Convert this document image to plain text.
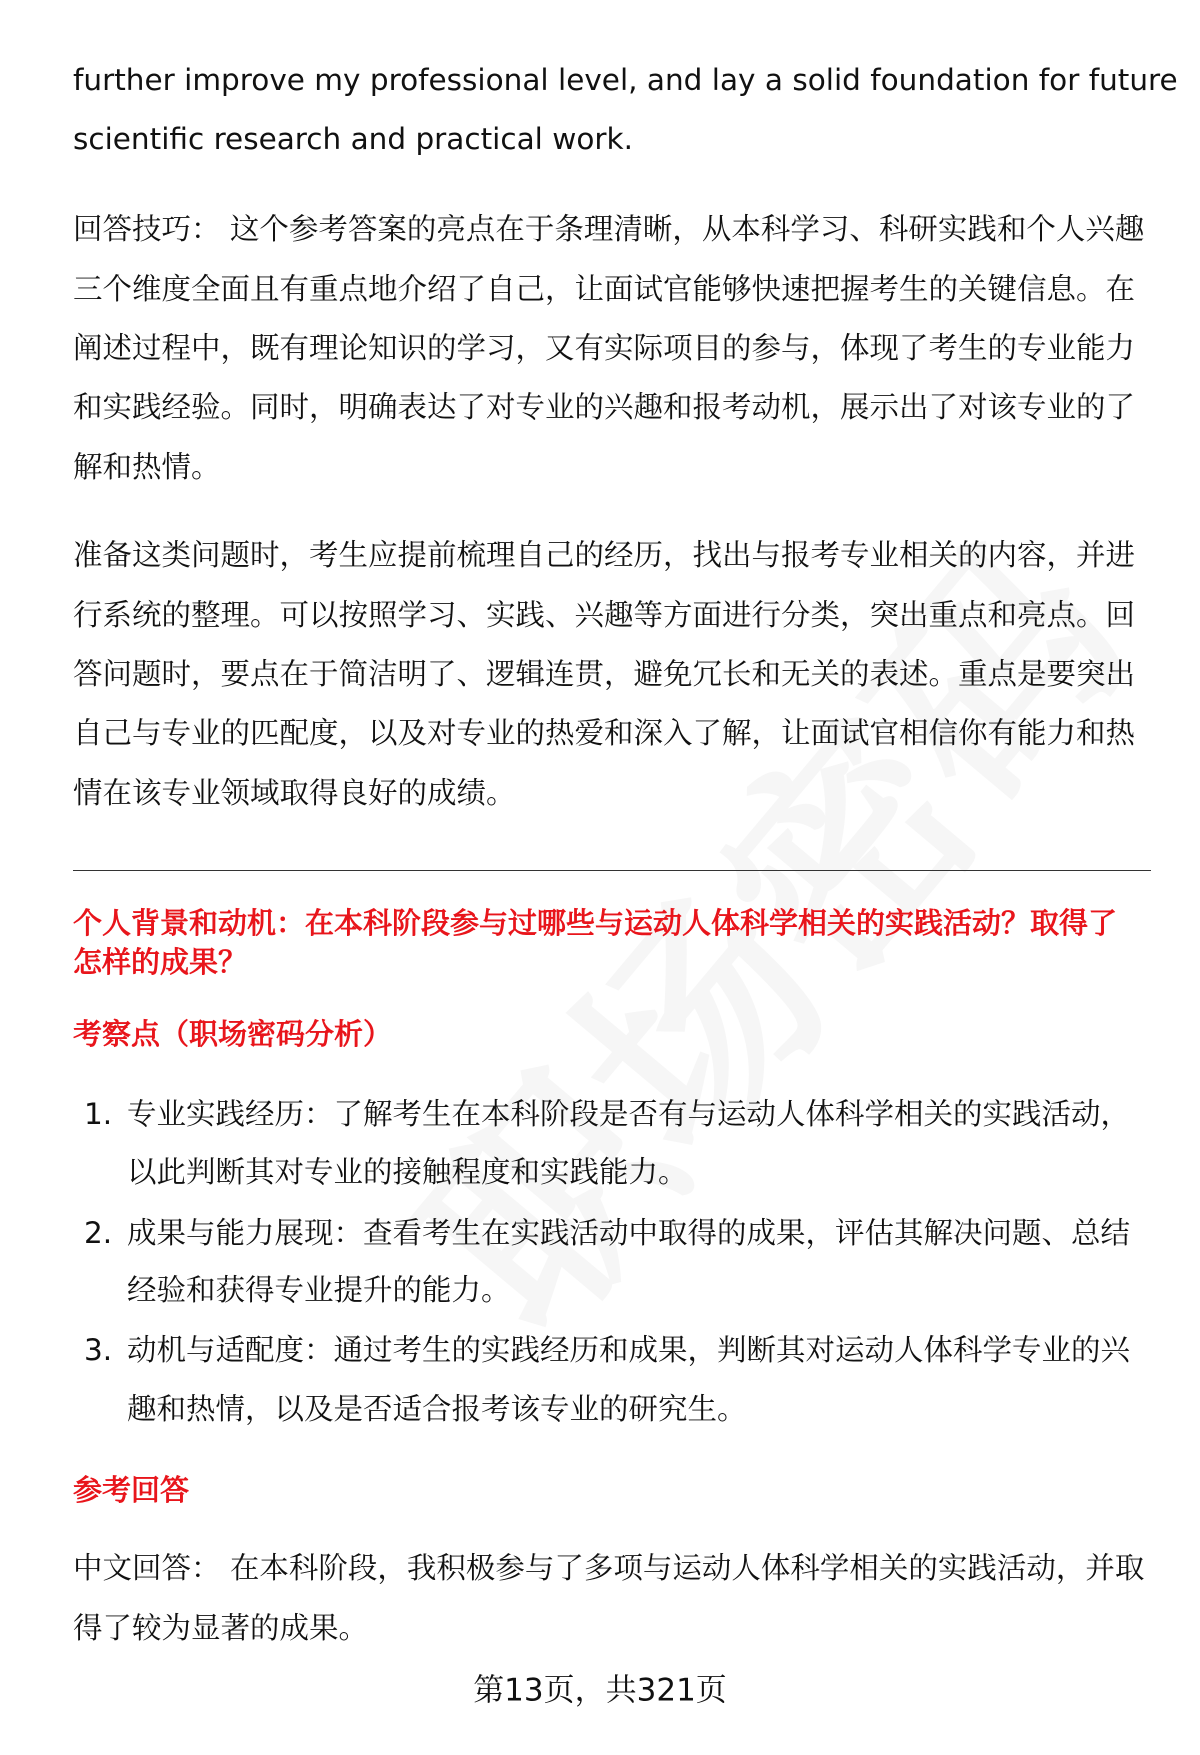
further improve my professional level, and lay a solid foundation for future
scientific research and practical work.
回答技巧： 这个参考答案的亮点在于条理清晰，从本科学习、科研实践和个人兴趣
三个维度全面且有重点地介绍了自己，让面试官能够快速把握考生的关键信息。在
阐述过程中，既有理论知识的学习，又有实际项目的参与，体现了考生的专业能力
和实践经验。同时，明确表达了对专业的兴趣和报考动机，展示出了对该专业的了
解和热情。
准备这类问题时，考生应提前梳理自己的经历，找出与报考专业相关的内容，并进
行系统的整理。可以按照学习、实践、兴趣等方面进行分类，突出重点和亮点。回
答问题时，要点在于简洁明了、逻辑连贯，避免冗长和无关的表述。重点是要突出
自己与专业的匹配度，以及对专业的热爱和深入了解，让面试官相信你有能力和热
情在该专业领域取得良好的成绩。
个人背景和动机：在本科阶段参与过哪些与运动人体科学相关的实践活动？取得了
怎样的成果？
考察点（职场密码分析）
1. 专业实践经历：了解考生在本科阶段是否有与运动人体科学相关的实践活动，
以此判断其对专业的接触程度和实践能力。
2. 成果与能力展现：查看考生在实践活动中取得的成果，评估其解决问题、总结
经验和获得专业提升的能力。
3. 动机与适配度：通过考生的实践经历和成果，判断其对运动人体科学专业的兴
趣和热情，以及是否适合报考该专业的研究生。
参考回答
中文回答： 在本科阶段，我积极参与了多项与运动人体科学相关的实践活动，并取
得了较为显著的成果。
第13页，共321页
